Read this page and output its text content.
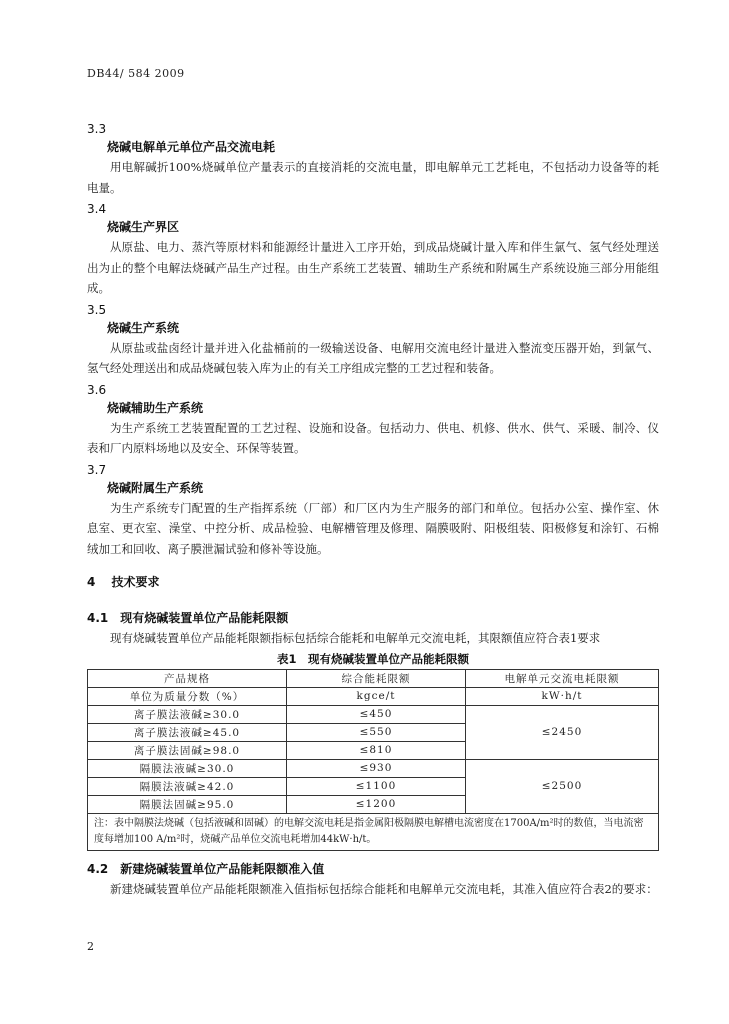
DB44/ 584 2009
3.3
烧碱电解单元单位产品交流电耗

用电解碱折100%烧碱单位产量表示的直接消耗的交流电量，即电解单元工艺耗电，不包括动力设备等的耗电量。

3.4
烧碱生产界区

从原盐、电力、蒸汽等原材料和能源经计量进入工序开始，到成品烧碱计量入库和伴生氯气、氢气经处理送出为止的整个电解法烧碱产品生产过程。由生产系统工艺装置、辅助生产系统和附属生产系统设施三部分用能组成。

3.5
烧碱生产系统

从原盐或盐卤经计量并进入化盐桶前的一级输送设备、电解用交流电经计量进入整流变压器开始，到氯气、氢气经处理送出和成品烧碱包装入库为止的有关工序组成完整的工艺过程和装备。

3.6
烧碱辅助生产系统

为生产系统工艺装置配置的工艺过程、设施和设备。包括动力、供电、机修、供水、供气、采暖、制冷、仪表和厂内原料场地以及安全、环保等装置。

3.7
烧碱附属生产系统

为生产系统专门配置的生产指挥系统（厂部）和厂区内为生产服务的部门和单位。包括办公室、操作室、休息室、更衣室、澡堂、中控分析、成品检验、电解槽管理及修理、隔膜吸附、阳极组装、阳极修复和涂钉、石棉绒加工和回收、离子膜泄漏试验和修补等设施。

4 技术要求
4.1　现有烧碱装置单位产品能耗限额

现有烧碱装置单位产品能耗限额指标包括综合能耗和电解单元交流电耗，其限额值应符合表1要求

表1　现有烧碱装置单位产品能耗限额
产品规格	综合能耗限额	电解单元交流电耗限额
单位为质量分数（%）	kgce/t	kW·h/t
离子膜法液碱≥30.0	≤450	≤2450
离子膜法液碱≥45.0	≤550	
离子膜法固碱≥98.0	≤810	
隔膜法液碱≥30.0	≤930	≤2500
隔膜法液碱≥42.0	≤1100	
隔膜法固碱≥95.0	≤1200	
注：表中隔膜法烧碱（包括液碱和固碱）的电解交流电耗是指金属阳极隔膜电解槽电流密度在1700A/m²时的数值，当电流密度每增加100 A/m²时，烧碱产品单位交流电耗增加44kW·h/t。		
4.2　新建烧碱装置单位产品能耗限额准入值

新建烧碱装置单位产品能耗限额准入值指标包括综合能耗和电解单元交流电耗，其准入值应符合表2的要求：

2
